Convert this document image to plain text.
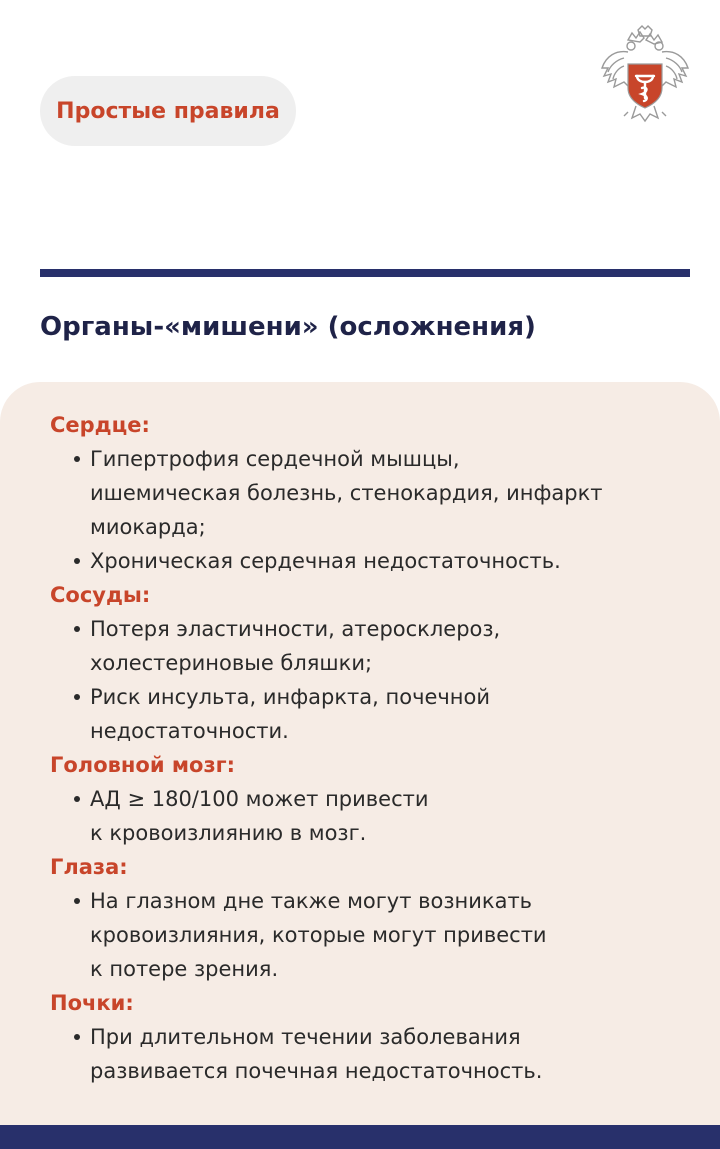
Простые правила
Органы-«мишени» (осложнения)
Сердце:
Гипертрофия сердечной мышцы,
ишемическая болезнь, стенокардия, инфаркт
миокарда;
Хроническая сердечная недостаточность.
Сосуды:
Потеря эластичности, атеросклероз,
холестериновые бляшки;
Риск инсульта, инфаркта, почечной
недостаточности.
Головной мозг:
АД ≥ 180/100 может привести
к кровоизлиянию в мозг.
Глаза:
На глазном дне также могут возникать
кровоизлияния, которые могут привести
к потере зрения.
Почки:
При длительном течении заболевания
развивается почечная недостаточность.
